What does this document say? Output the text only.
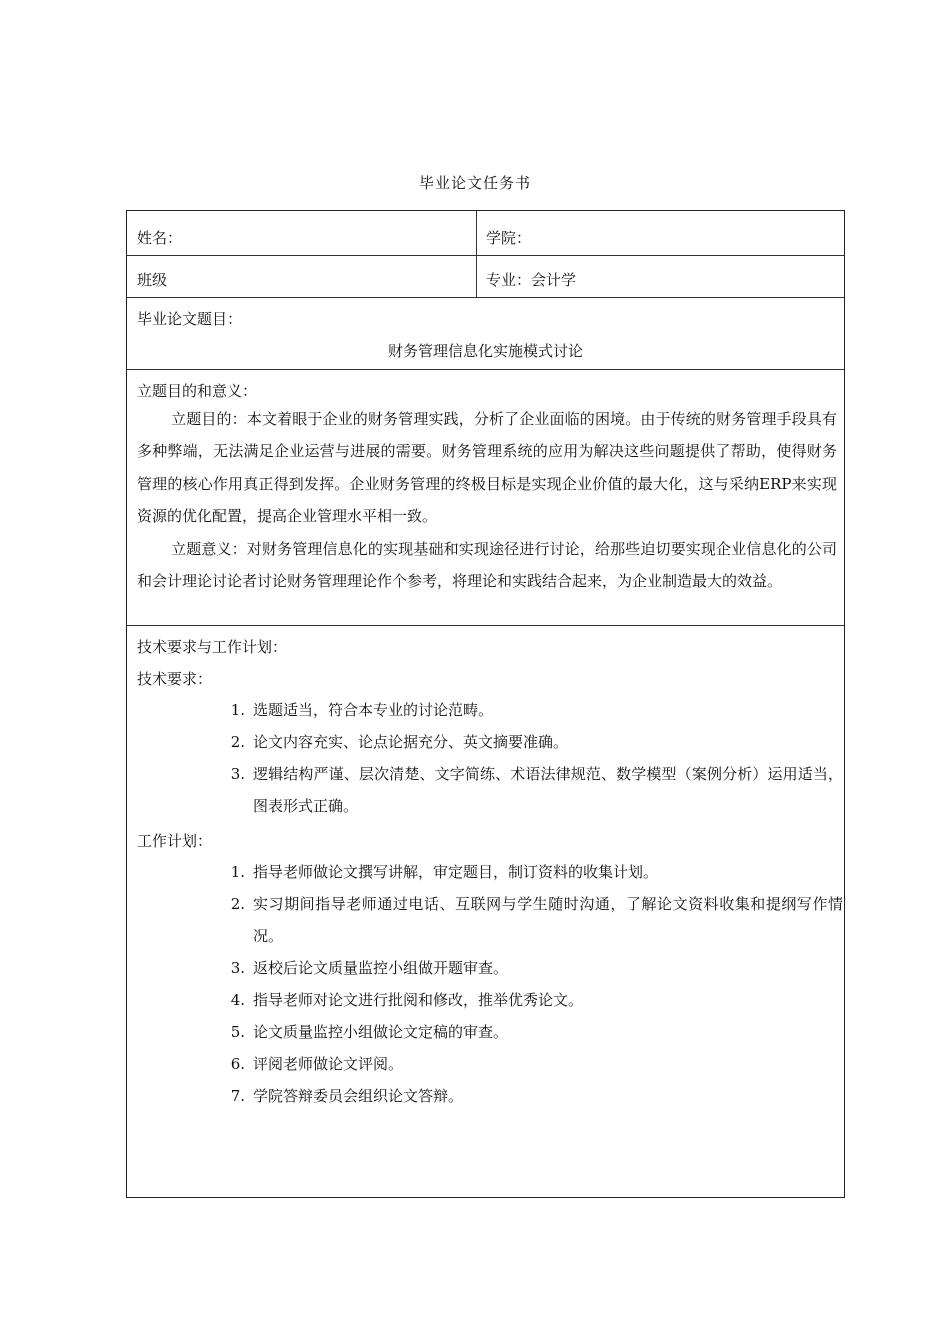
毕业论文任务书
姓名：	学院：
班级	专业：会计学
毕业论文题目：
财务管理信息化实施模式讨论
立题目的和意义：
立题目的：本文着眼于企业的财务管理实践，分析了企业面临的困境。由于传统的财务管理手段具有多种弊端，无法满足企业运营与进展的需要。财务管理系统的应用为解决这些问题提供了帮助，使得财务管理的核心作用真正得到发挥。企业财务管理的终极目标是实现企业价值的最大化，这与采纳ERP来实现资源的优化配置，提高企业管理水平相一致。
立题意义：对财务管理信息化的实现基础和实现途径进行讨论，给那些迫切要实现企业信息化的公司和会计理论讨论者讨论财务管理理论作个参考，将理论和实践结合起来，为企业制造最大的效益。
技术要求与工作计划：
技术要求：
1. 选题适当，符合本专业的讨论范畴。
2. 论文内容充实、论点论据充分、英文摘要准确。
3. 逻辑结构严谨、层次清楚、文字简练、术语法律规范、数学模型（案例分析）运用适当，图表形式正确。
工作计划：
1. 指导老师做论文撰写讲解，审定题目，制订资料的收集计划。
2. 实习期间指导老师通过电话、互联网与学生随时沟通，了解论文资料收集和提纲写作情况。
3. 返校后论文质量监控小组做开题审查。
4. 指导老师对论文进行批阅和修改，推举优秀论文。
5. 论文质量监控小组做论文定稿的审查。
6. 评阅老师做论文评阅。
7. 学院答辩委员会组织论文答辩。
